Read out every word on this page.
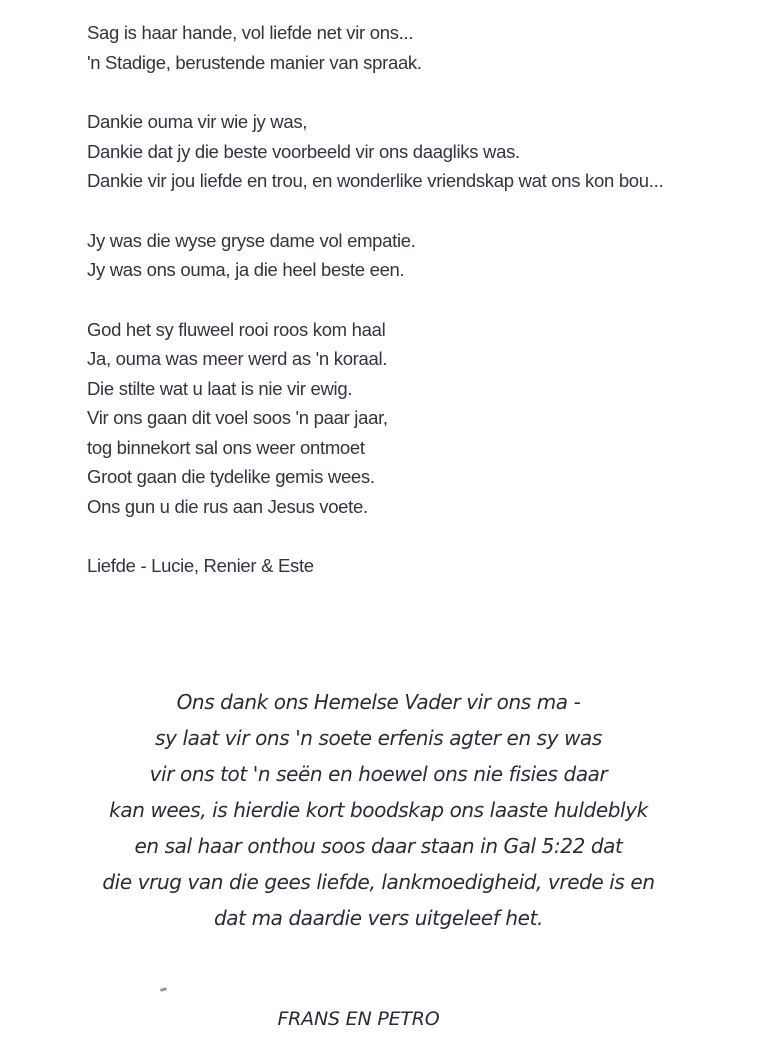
Sag is haar hande, vol liefde net vir ons...
'n Stadige, berustende manier van spraak.
Dankie ouma vir wie jy was,
Dankie dat jy die beste voorbeeld vir ons daagliks was.
Dankie vir jou liefde en trou, en wonderlike vriendskap wat ons kon bou...
Jy was die wyse gryse dame vol empatie.
Jy was ons ouma, ja die heel beste een.
God het sy fluweel rooi roos kom haal
Ja, ouma was meer werd as 'n koraal.
Die stilte wat u laat is nie vir ewig.
Vir ons gaan dit voel soos 'n paar jaar,
tog binnekort sal ons weer ontmoet
Groot gaan die tydelike gemis wees.
Ons gun u die rus aan Jesus voete.
Liefde - Lucie, Renier & Este
Ons dank ons Hemelse Vader vir ons ma -
sy laat vir ons 'n soete erfenis agter en sy was
vir ons tot 'n seën en hoewel ons nie fisies daar
kan wees, is hierdie kort boodskap ons laaste huldeblyk
en sal haar onthou soos daar staan in Gal 5:22 dat
die vrug van die gees liefde, lankmoedigheid, vrede is en
dat ma daardie vers uitgeleef het.
FRANS EN PETRO
